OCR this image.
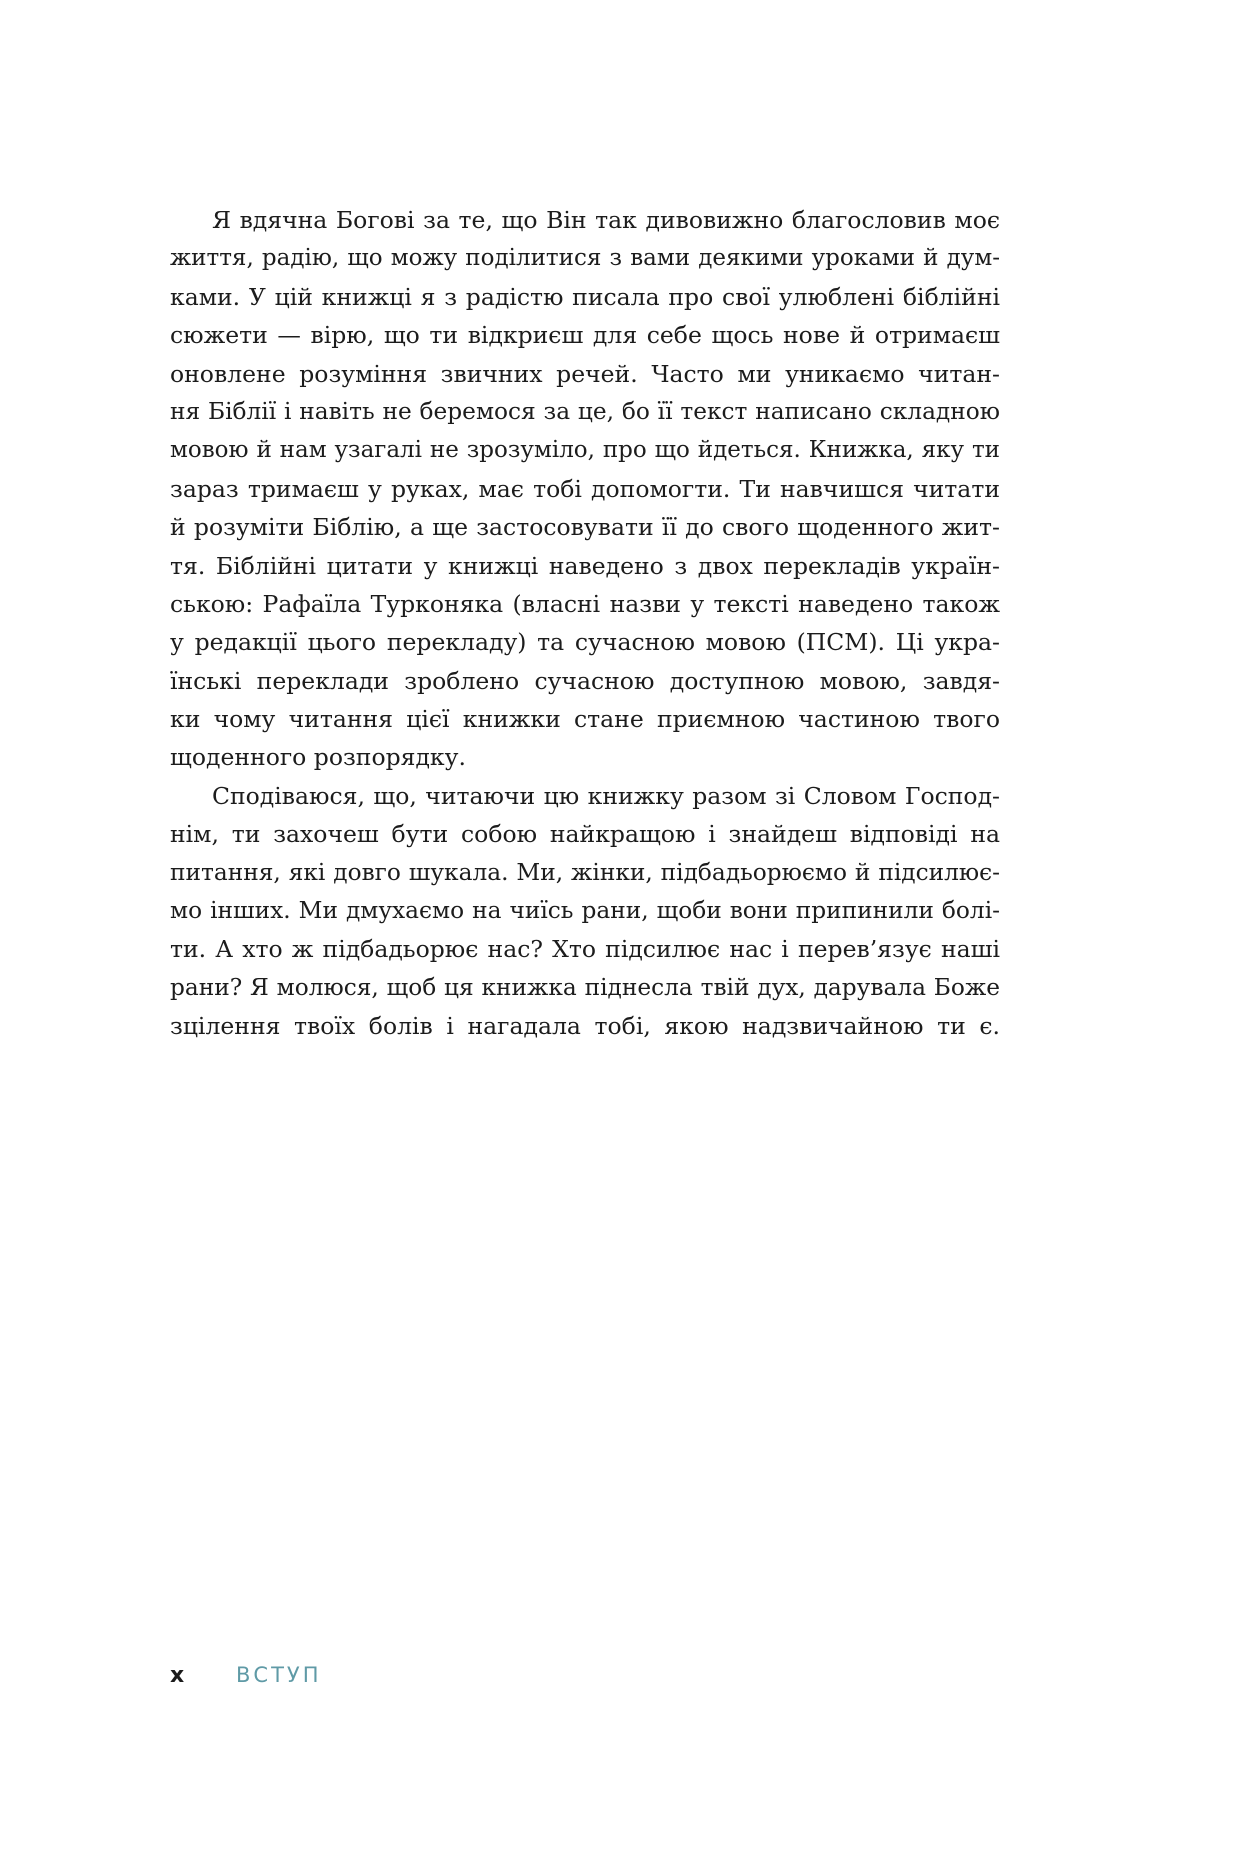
Я вдячна Богові за те, що Він так дивовижно благословив моє
життя, радію, що можу поділитися з вами деякими уроками й дум-
ками. У цій книжці я з радістю писала про свої улюблені біблійні
сюжети — вірю, що ти відкриєш для себе щось нове й отримаєш
оновлене розуміння звичних речей. Часто ми уникаємо читан-
ня Біблії і навіть не беремося за це, бо її текст написано складною
мовою й нам узагалі не зрозуміло, про що йдеться. Книжка, яку ти
зараз тримаєш у руках, має тобі допомогти. Ти навчишся читати
й розуміти Біблію, а ще застосовувати її до свого щоденного жит-
тя. Біблійні цитати у книжці наведено з двох перекладів україн-
ською: Рафаїла Турконяка (власні назви у тексті наведено також
у редакції цього перекладу) та сучасною мовою (ПСМ). Ці укра-
їнські переклади зроблено сучасною доступною мовою, завдя-
ки чому читання цієї книжки стане приємною частиною твого
щоденного розпорядку.
Сподіваюся, що, читаючи цю книжку разом зі Словом Господ-
нім, ти захочеш бути собою найкращою і знайдеш відповіді на
питання, які довго шукала. Ми, жінки, підбадьорюємо й підсилює-
мо інших. Ми дмухаємо на чиїсь рани, щоби вони припинили болі-
ти. А хто ж підбадьорює нас? Хто підсилює нас і перев’язує наші
рани? Я молюся, щоб ця книжка піднесла твій дух, дарувала Боже
зцілення твоїх болів і нагадала тобі, якою надзвичайною ти є.
x	ВСТУП
